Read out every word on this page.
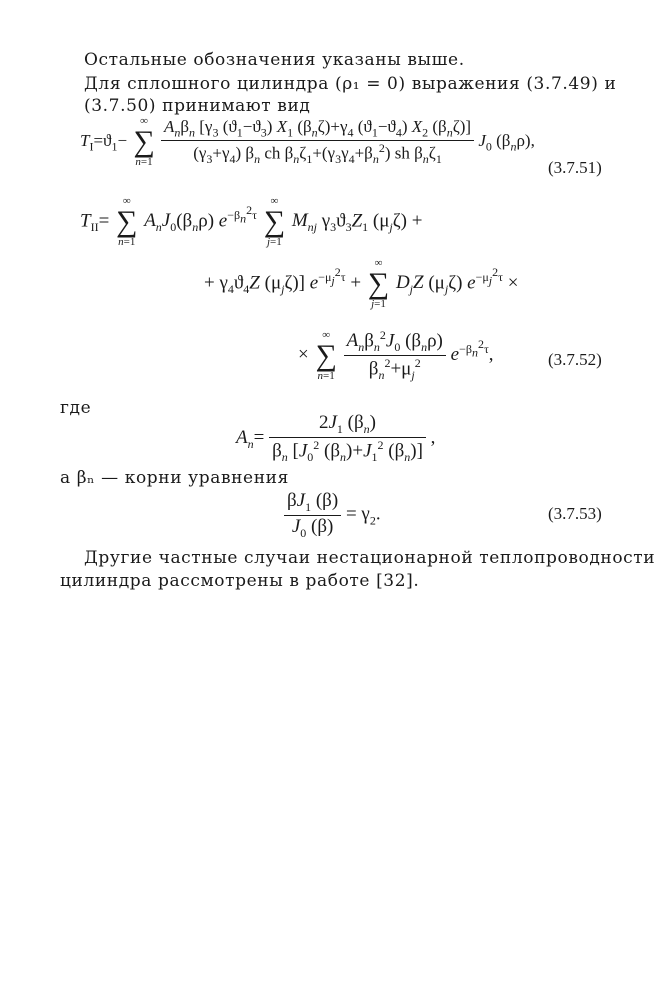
Остальные обозначения указаны выше.
Для сплошного цилиндра (ρ₁ = 0) выражения (3.7.49) и
(3.7.50) принимают вид
$T_I=ϑ_1-$
∞
∑
n=1
$\frac{A_n\beta_n [\gamma_3 (ϑ_1-ϑ_3) X_1 (\beta_n\zeta)+\gamma_4 (ϑ_1-ϑ_4) X_2 (\beta_n\zeta)]}{(\gamma_3+\gamma_4) \beta_n ch \beta_n\zeta_1+(\gamma_3\gamma_4+\beta_n^2) sh \beta_n\zeta_1} J_0$ $(\beta_n\rho)$,
(3.7.51)
$T_{II}=$
∞
∑
n=1
$A_nJ_0(\beta_n\rho)$ $e^{-\beta_n^2\tau}$
∞
∑
j=1
$M_{nj}$ $\gamma_3ϑ_3Z_1$ $(\mu_j\zeta)$ +
+ $\gamma_4ϑ_4Z$ $(\mu_j\zeta)$] $e^{-\mu_j^2\tau}$ +
∞
∑
j=1
$D_jZ$ $(\mu_j\zeta) e^{-\mu_j^2\tau}$ ×
×
∞
∑
n=1
$\frac{A_n\beta_n^2J_0 (\beta_n\rho)}{\beta_n^2+\mu_j^2} e^{-\beta_n^2\tau}$,	(3.7.52)
где
$A_n= \frac{2J_1 (\beta_n)}{\beta_n [J_0^2 (\beta_n)+J_1^2 (\beta_n)]}$ ,
а βₙ — корни уравнения
$\frac{\beta J_1 (\beta)}{J_0 (\beta)} = \gamma_2$.	(3.7.53)
Другие частные случаи нестационарной теплопроводности
цилиндра рассмотрены в работе [32].
